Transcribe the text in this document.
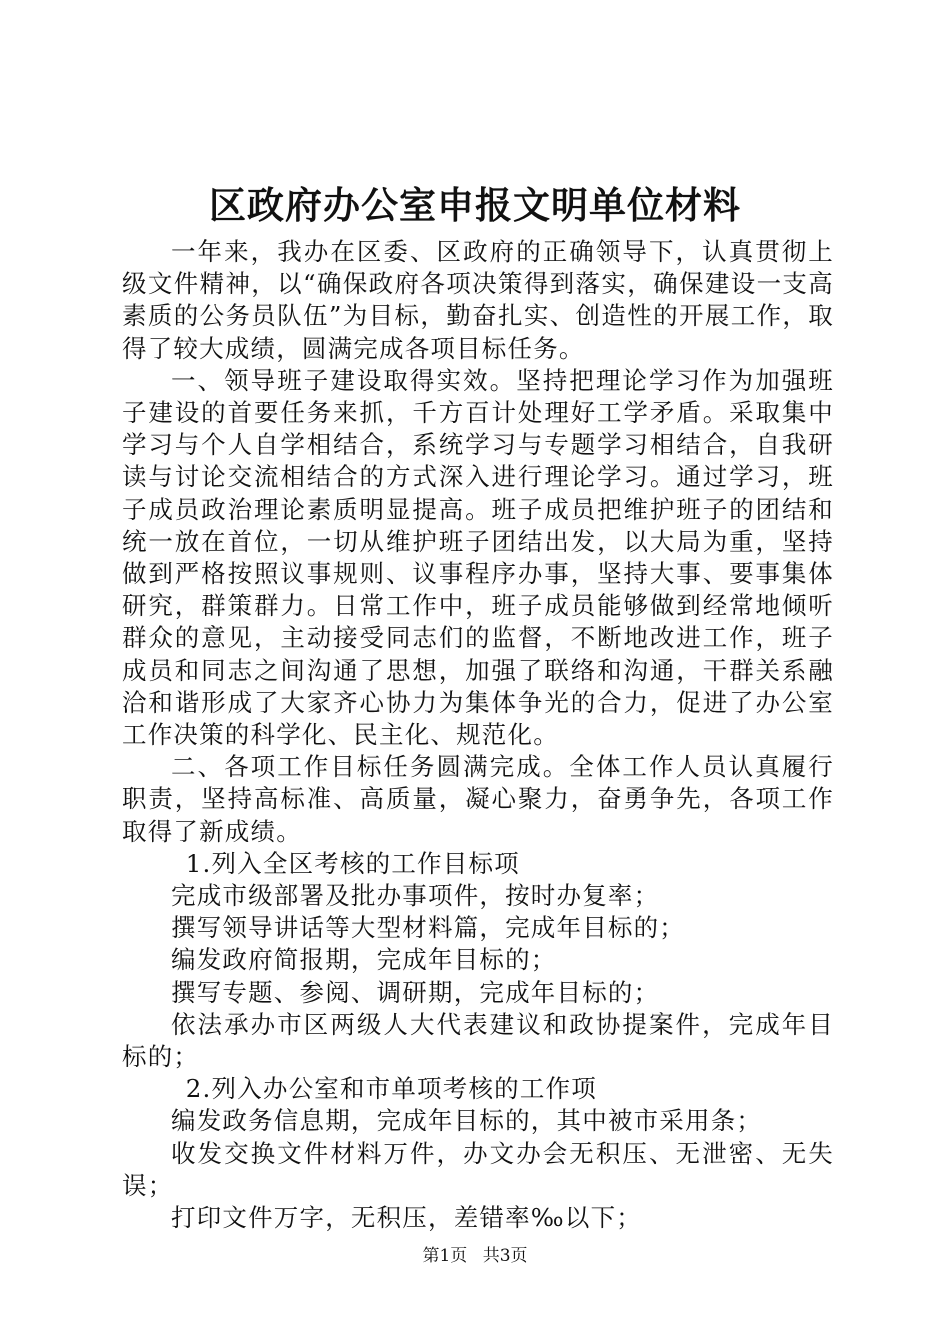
区政府办公室申报文明单位材料

一年来，我办在区委、区政府的正确领导下，认真贯彻上级文件精神，以“确保政府各项决策得到落实，确保建设一支高素质的公务员队伍”为目标，勤奋扎实、创造性的开展工作，取得了较大成绩，圆满完成各项目标任务。

一、领导班子建设取得实效。坚持把理论学习作为加强班子建设的首要任务来抓，千方百计处理好工学矛盾。采取集中学习与个人自学相结合，系统学习与专题学习相结合，自我研读与讨论交流相结合的方式深入进行理论学习。通过学习，班子成员政治理论素质明显提高。班子成员把维护班子的团结和统一放在首位，一切从维护班子团结出发，以大局为重，坚持做到严格按照议事规则、议事程序办事，坚持大事、要事集体研究，群策群力。日常工作中，班子成员能够做到经常地倾听群众的意见，主动接受同志们的监督，不断地改进工作，班子成员和同志之间沟通了思想，加强了联络和沟通，干群关系融洽和谐形成了大家齐心协力为集体争光的合力，促进了办公室工作决策的科学化、民主化、规范化。

二、各项工作目标任务圆满完成。全体工作人员认真履行职责，坚持高标准、高质量，凝心聚力，奋勇争先，各项工作取得了新成绩。

1.列入全区考核的工作目标项

完成市级部署及批办事项件，按时办复率；

撰写领导讲话等大型材料篇，完成年目标的；

编发政府简报期，完成年目标的；

撰写专题、参阅、调研期，完成年目标的；

依法承办市区两级人大代表建议和政协提案件，完成年目标的；

2.列入办公室和市单项考核的工作项

编发政务信息期，完成年目标的，其中被市采用条；

收发交换文件材料万件，办文办会无积压、无泄密、无失误；

打印文件万字，无积压，差错率‰以下；

第1页 共3页
